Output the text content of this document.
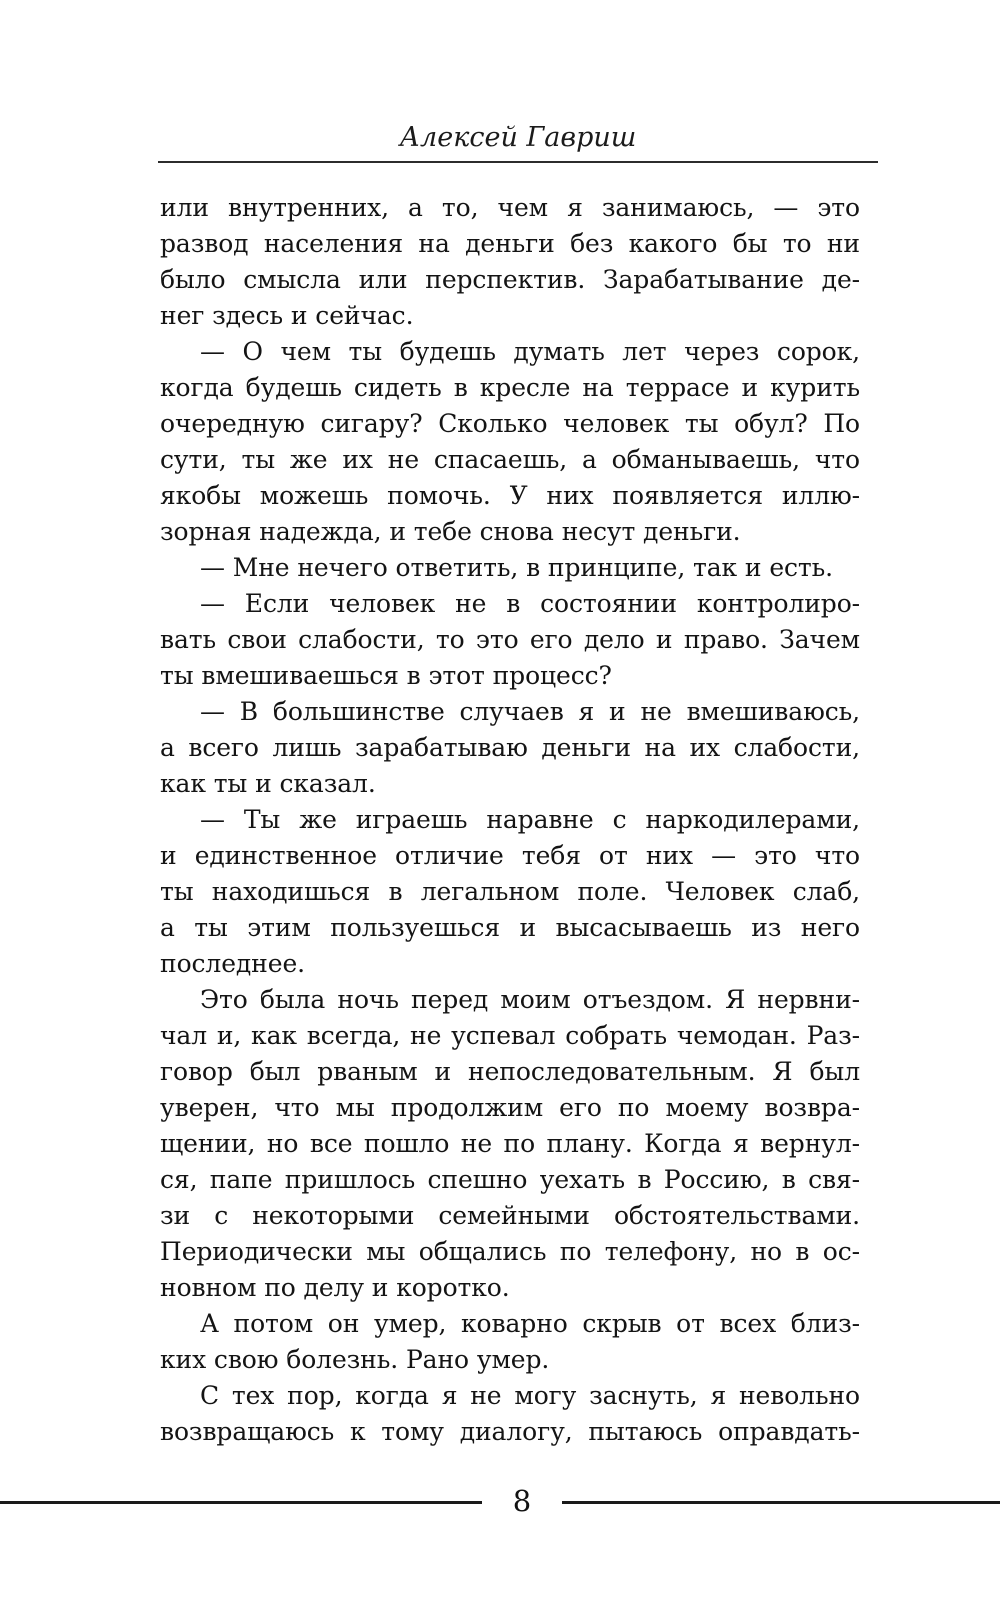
Алексей Гавриш
или внутренних, а то, чем я занимаюсь, — это
развод населения на деньги без какого бы то ни
было смысла или перспектив. Зарабатывание де-
нег здесь и сейчас.
— О чем ты будешь думать лет через сорок,
когда будешь сидеть в кресле на террасе и курить
очередную сигару? Сколько человек ты обул? По
сути, ты же их не спасаешь, а обманываешь, что
якобы можешь помочь. У них появляется иллю-
зорная надежда, и тебе снова несут деньги.
— Мне нечего ответить, в принципе, так и есть.
— Если человек не в состоянии контролиро-
вать свои слабости, то это его дело и право. Зачем
ты вмешиваешься в этот процесс?
— В большинстве случаев я и не вмешиваюсь,
а всего лишь зарабатываю деньги на их слабости,
как ты и сказал.
— Ты же играешь наравне с наркодилерами,
и единственное отличие тебя от них — это что
ты находишься в легальном поле. Человек слаб,
а ты этим пользуешься и высасываешь из него
последнее.
Это была ночь перед моим отъездом. Я нервни-
чал и, как всегда, не успевал собрать чемодан. Раз-
говор был рваным и непоследовательным. Я был
уверен, что мы продолжим его по моему возвра-
щении, но все пошло не по плану. Когда я вернул-
ся, папе пришлось спешно уехать в Россию, в свя-
зи с некоторыми семейными обстоятельствами.
Периодически мы общались по телефону, но в ос-
новном по делу и коротко.
А потом он умер, коварно скрыв от всех близ-
ких свою болезнь. Рано умер.
С тех пор, когда я не могу заснуть, я невольно
возвращаюсь к тому диалогу, пытаюсь оправдать-
8
